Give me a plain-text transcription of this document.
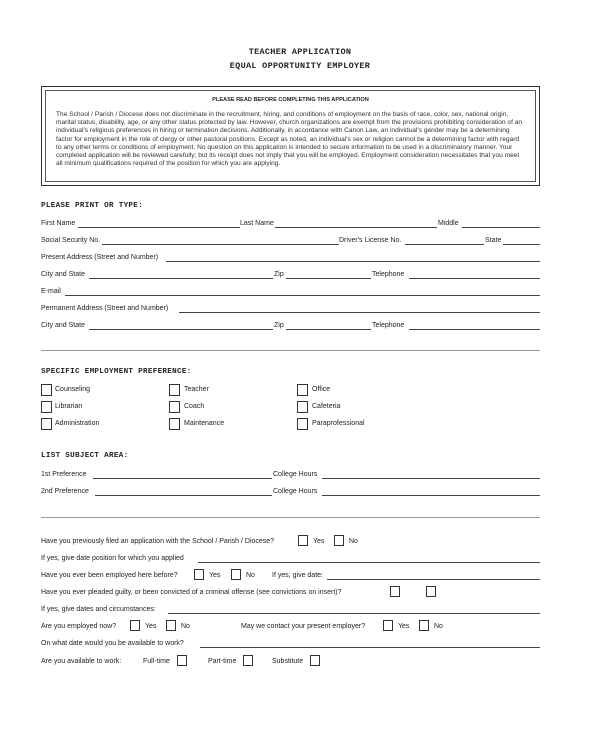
TEACHER APPLICATION
EQUAL OPPORTUNITY EMPLOYER
PLEASE READ BEFORE COMPLETING THIS APPLICATION
The School / Parish / Diocese does not discriminate in the recruitment, hiring, and conditions of employment on the basis of race, color, sex, national origin, marital status, disability, age, or any other status protected by law. However, church organizations are exempt from the provisions prohibiting consideration of an individual's religious preferences in hiring or termination decisions. Additionally, in accordance with Canon Law, an individual's gender may be a determining factor for employment in the role of clergy or other pastoral positions. Except as noted, an individual's sex or religion cannot be a determining factor with regard to any other terms or conditions of employment. No question on this application is intended to secure information to be used in a discriminatory manner. Your completed application will be reviewed carefully; but its receipt does not imply that you will be employed. Employment consideration necessitates that you meet all minimum qualifications required of the position for which you are applying.
PLEASE PRINT OR TYPE:
First Name	Last Name	Middle
Social Security No.	Driver's License No.	State
Present Address (Street and Number)
City and State	Zip	Telephone
E-mail
Permanent Address (Street and Number)
City and State	Zip	Telephone
SPECIFIC EMPLOYMENT PREFERENCE:
Counseling	Teacher	Office
Librarian	Coach	Cafeteria
Administration	Maintenance	Paraprofessional
LIST SUBJECT AREA:
1st Preference	College Hours
2nd Preference	College Hours
Have you previously filed an application with the School / Parish / Diocese?	Yes	No
If yes, give date position for which you applied
Have you ever been employed here before?	Yes	No If yes, give date:
Have you ever pleaded guilty, or been convicted of a criminal offense (see convictions on insert)?
If yes, give dates and circumstances:
Are you employed now?	Yes	No	May we contact your present employer?	Yes	No
On what date would you be available to work?
Are you available to work:	Full-time	Part-time	Substitute
